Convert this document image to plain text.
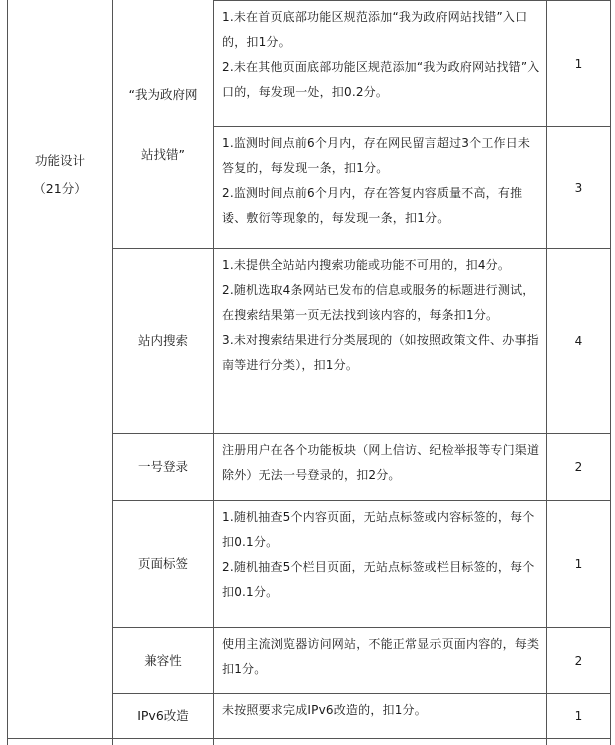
功能设计
（21分）
“我为政府网
站找错”

1.未在首页底部功能区规范添加“我为政府网站找错”入口的，扣1分。

2.未在其他页面底部功能区规范添加“我为政府网站找错”入口的，每发现一处，扣0.2分。

1

1.监测时间点前6个月内，存在网民留言超过3个工作日未答复的，每发现一条，扣1分。

2.监测时间点前6个月内，存在答复内容质量不高，有推诿、敷衍等现象的，每发现一条，扣1分。

3
站内搜索

1.未提供全站站内搜索功能或功能不可用的，扣4分。

2.随机选取4条网站已发布的信息或服务的标题进行测试，在搜索结果第一页无法找到该内容的，每条扣1分。

3.未对搜索结果进行分类展现的（如按照政策文件、办事指南等进行分类），扣1分。

4
一号登录

注册用户在各个功能板块（网上信访、纪检举报等专门渠道除外）无法一号登录的，扣2分。

2
页面标签

1.随机抽查5个内容页面，无站点标签或内容标签的，每个扣0.1分。

2.随机抽查5个栏目页面，无站点标签或栏目标签的，每个扣0.1分。

1
兼容性

使用主流浏览器访问网站，不能正常显示页面内容的，每类扣1分。

2
IPv6改造	未按照要求完成IPv6改造的，扣1分。	1
